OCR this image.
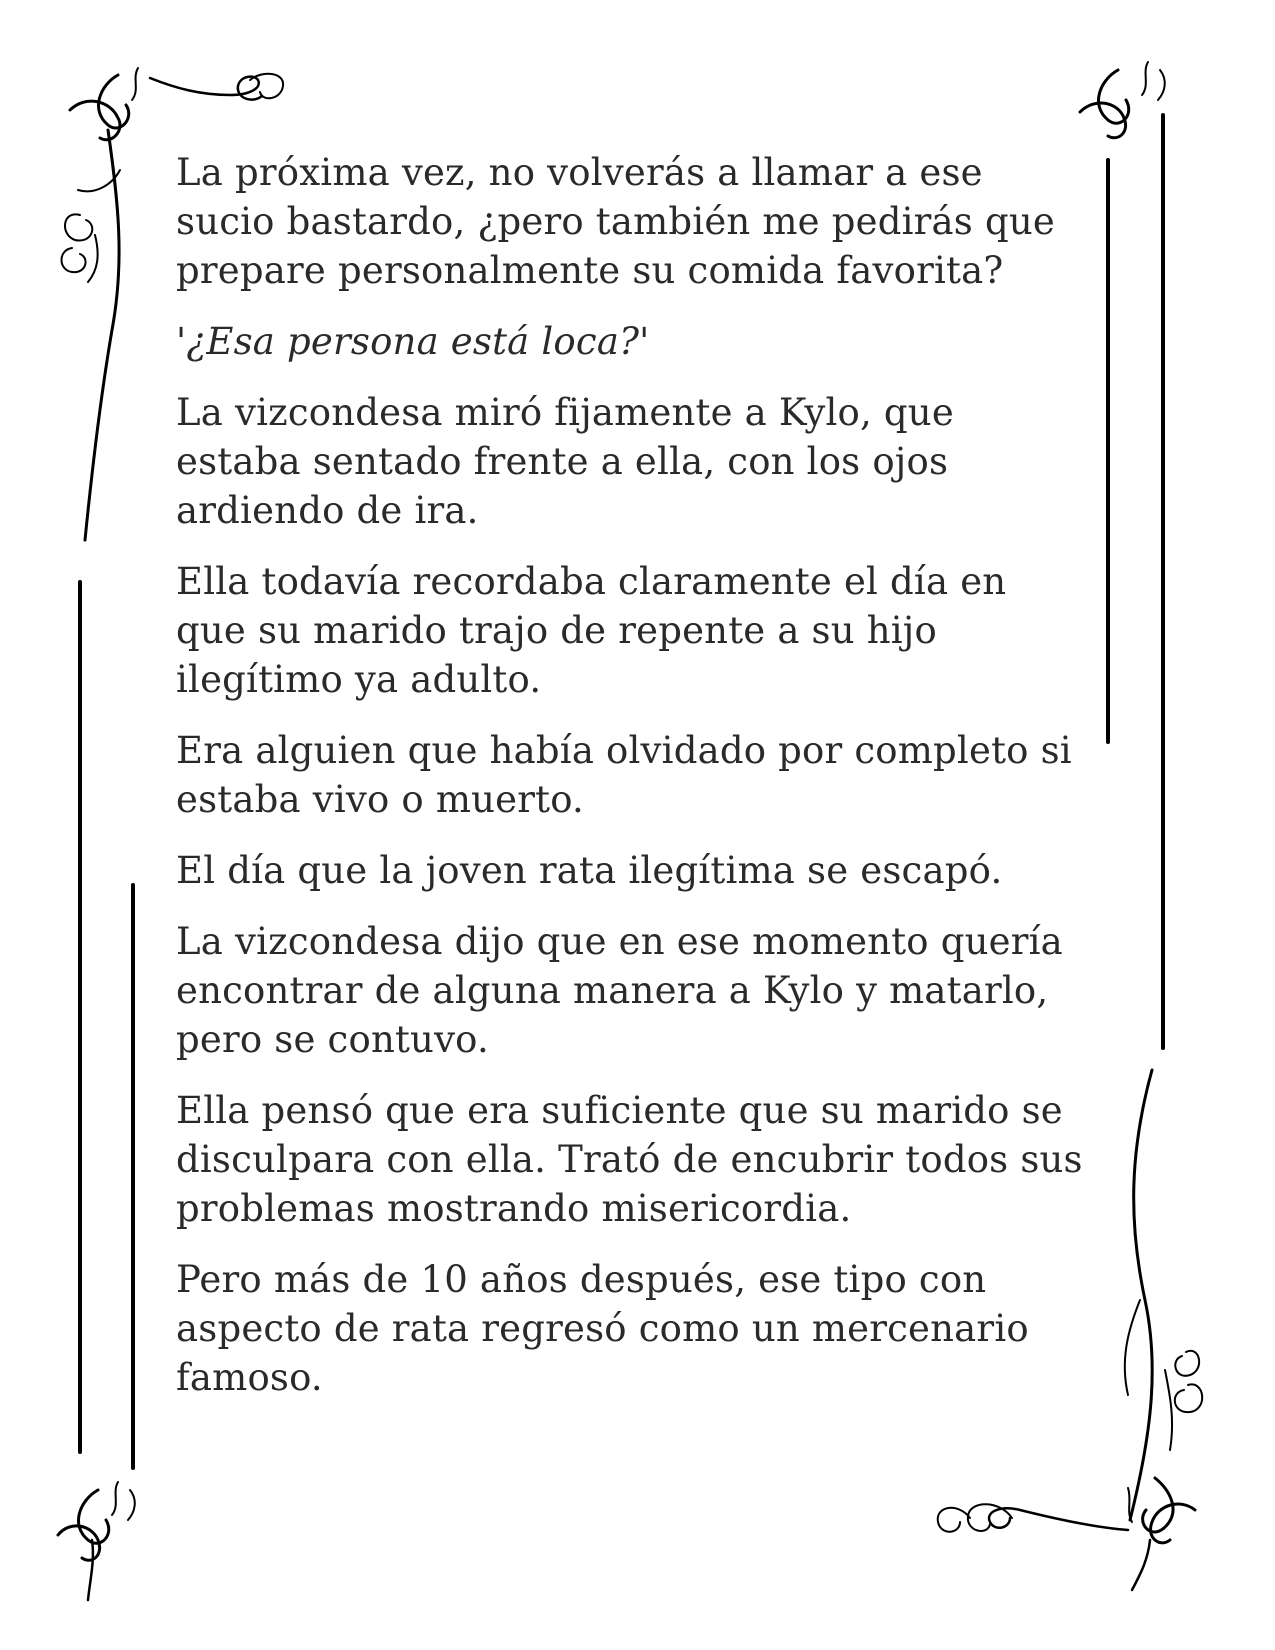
La próxima vez, no volverás a llamar a ese
sucio bastardo, ¿pero también me pedirás que
prepare personalmente su comida favorita?

'¿Esa persona está loca?'

La vizcondesa miró fijamente a Kylo, que
estaba sentado frente a ella, con los ojos
ardiendo de ira.

Ella todavía recordaba claramente el día en
que su marido trajo de repente a su hijo
ilegítimo ya adulto.

Era alguien que había olvidado por completo si
estaba vivo o muerto.

El día que la joven rata ilegítima se escapó.

La vizcondesa dijo que en ese momento quería
encontrar de alguna manera a Kylo y matarlo,
pero se contuvo.

Ella pensó que era suficiente que su marido se
disculpara con ella. Trató de encubrir todos sus
problemas mostrando misericordia.

Pero más de 10 años después, ese tipo con
aspecto de rata regresó como un mercenario
famoso.
